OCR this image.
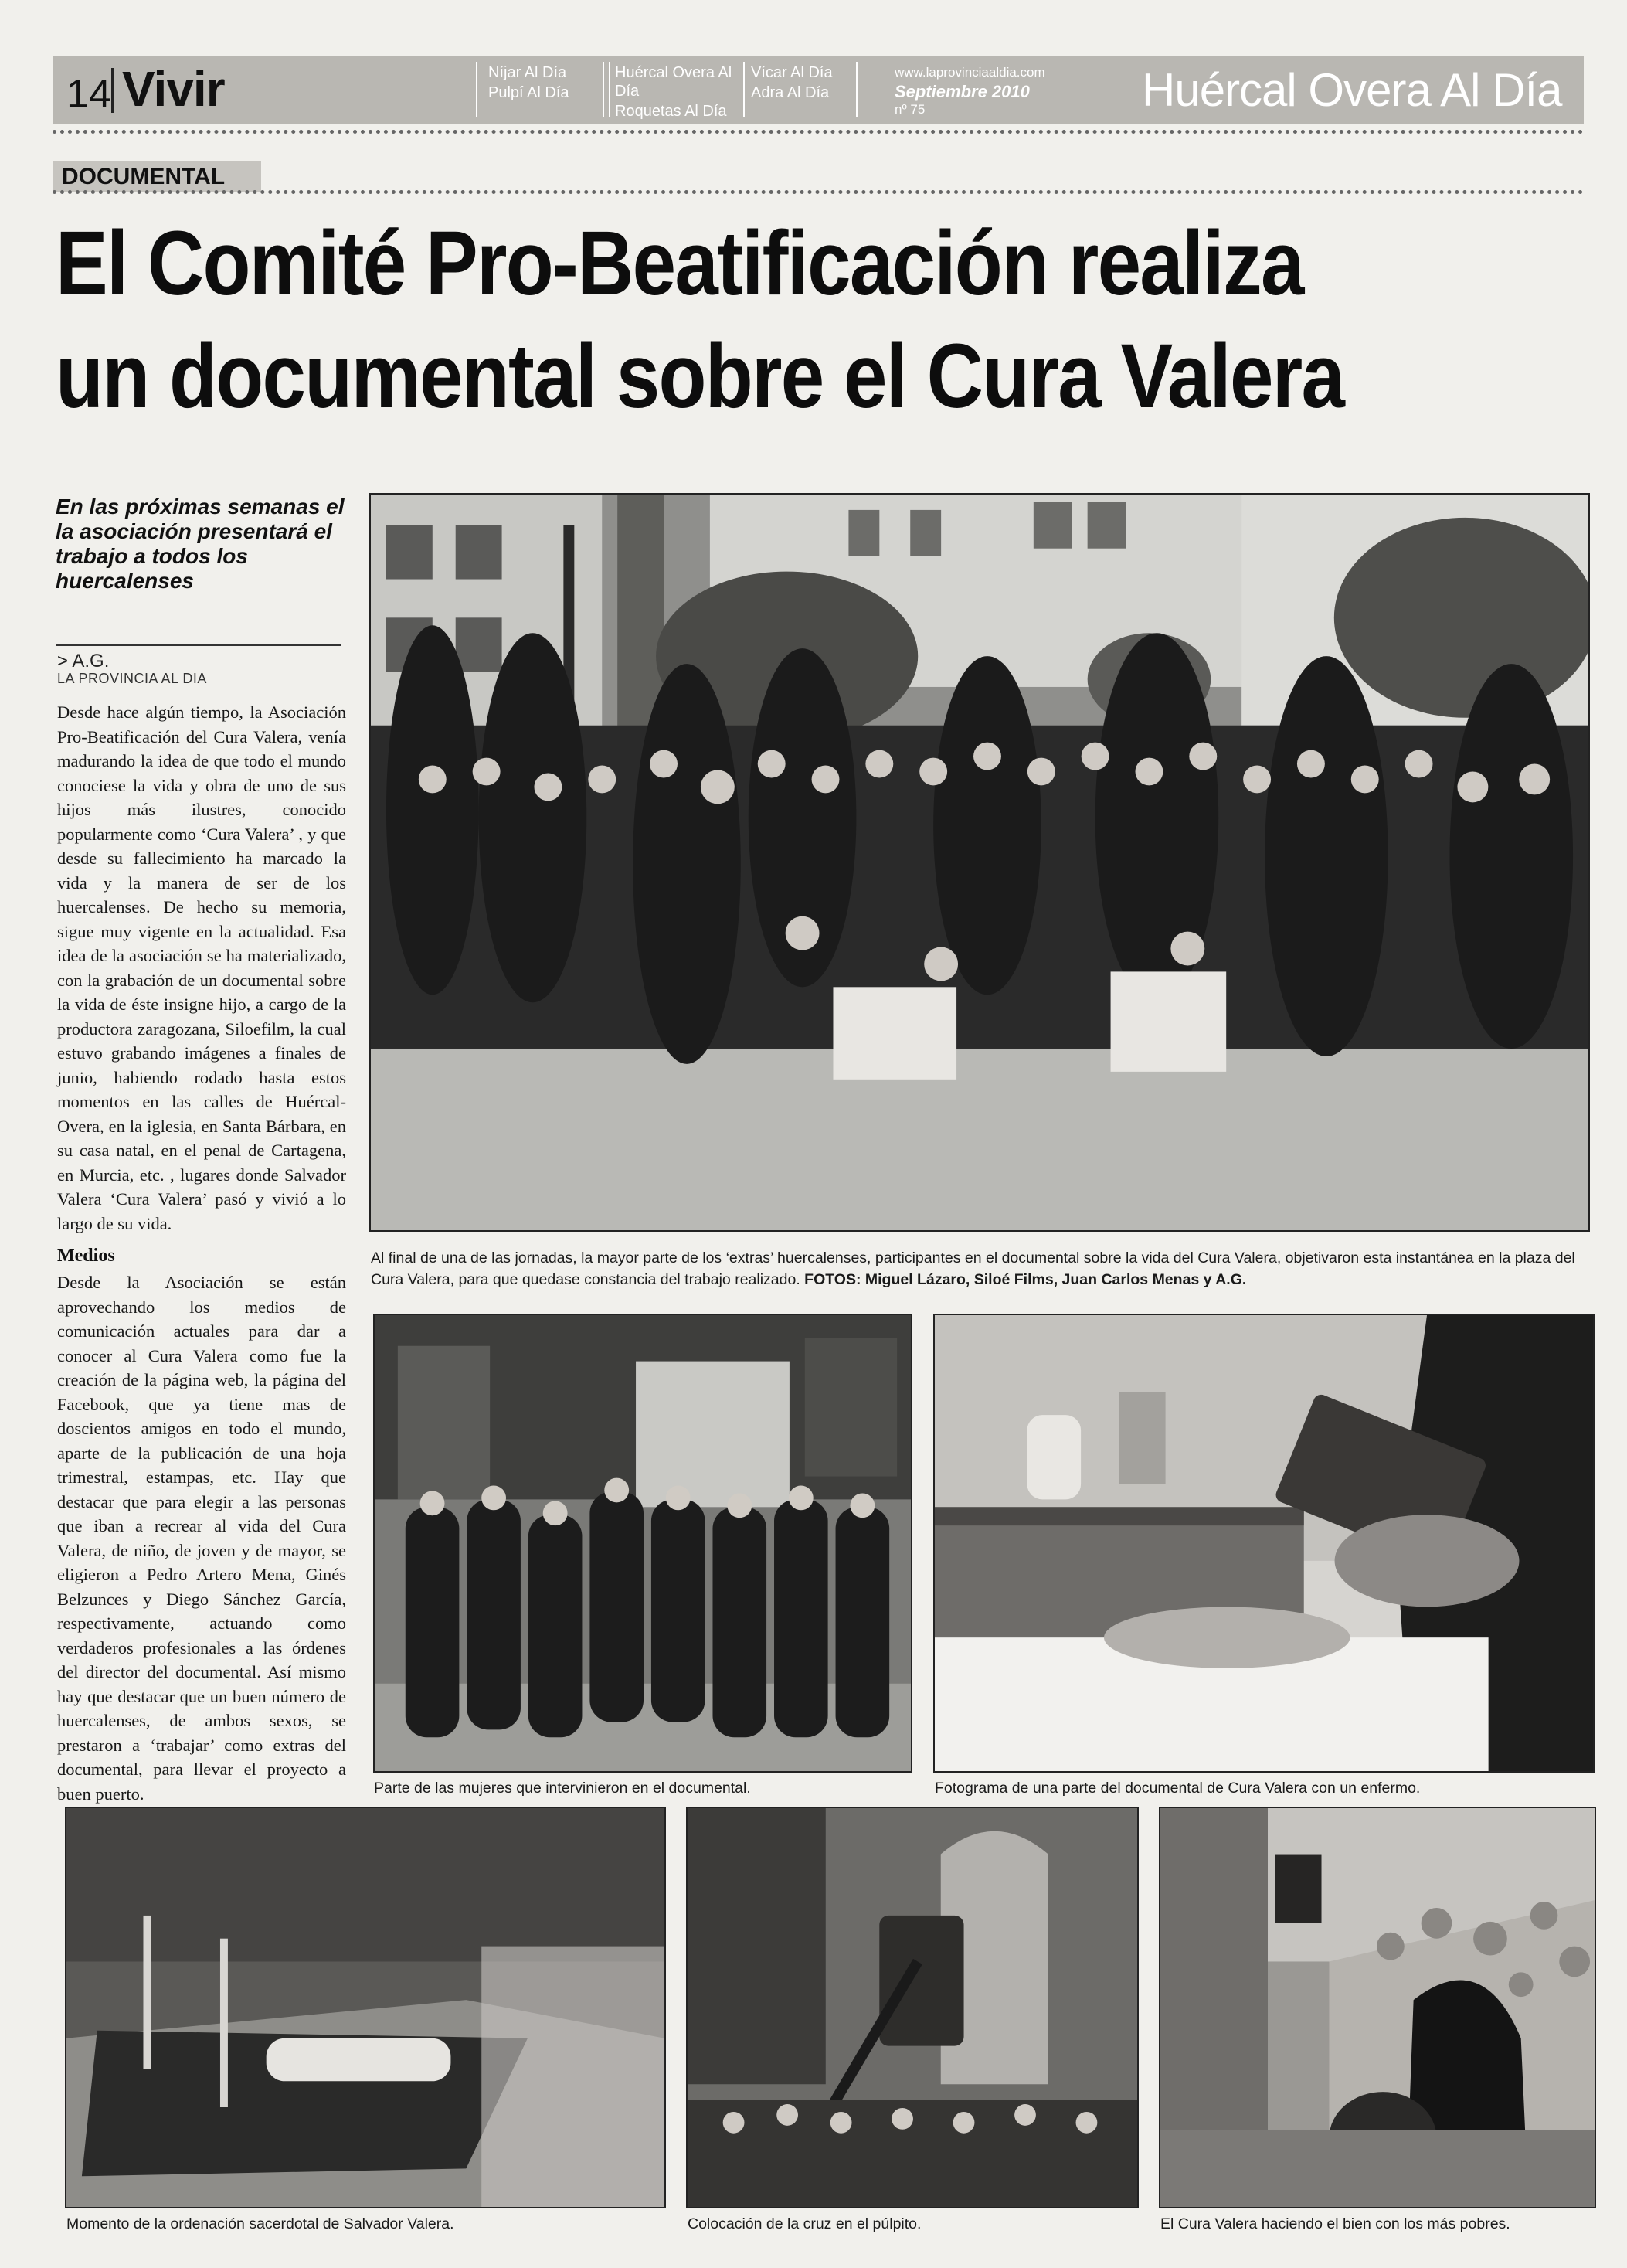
14 Vivir	Níjar Al Día
Pulpí Al Día
Huércal Overa Al Día
Roquetas Al Día
Vícar Al Día
Adra Al Día
www.laprovinciaaldia.com
Septiembre 2010
nº 75	Huércal Overa Al Día
DOCUMENTAL
El Comité Pro-Beatificación realiza
un documental sobre el Cura Valera
En las próximas semanas el la asociación presentará el trabajo a todos los huercalenses
> A.G.
LA PROVINCIA AL DIA
Desde hace algún tiempo, la Asociación Pro-Beatificación del Cura Valera, venía madurando la idea de que todo el mundo conociese la vida y obra de uno de sus hijos más ilustres, conocido popularmente como ‘Cura Valera’ , y que desde su fallecimiento ha marcado la vida y la manera de ser de los huercalenses. De hecho su memoria, sigue muy vigente en la actualidad. Esa idea de la asociación se ha materializado, con la grabación de un documental sobre la vida de éste insigne hijo, a cargo de la productora zaragozana, Siloefilm, la cual estuvo grabando imágenes a finales de junio, habiendo rodado hasta estos momentos en las calles de Huércal-Overa, en la iglesia, en Santa Bárbara, en su casa natal, en el penal de Cartagena, en Murcia, etc. , lugares donde Salvador Valera ‘Cura Valera’ pasó y vivió a lo largo de su vida.
Medios
Desde la Asociación se están aprovechando los medios de comunicación actuales para dar a conocer al Cura Valera como fue la creación de la página web, la página del Facebook, que ya tiene mas de doscientos amigos en todo el mundo, aparte de la publicación de una hoja trimestral, estampas, etc. Hay que destacar que para elegir a las personas que iban a recrear al vida del Cura Valera, de niño, de joven y de mayor, se eligieron a Pedro Artero Mena, Ginés Belzunces y Diego Sánchez García, respectivamente, actuando como verdaderos profesionales a las órdenes del director del documental. Así mismo hay que destacar que un buen número de huercalenses, de ambos sexos, se prestaron a ‘trabajar’ como extras del documental, para llevar el proyecto a buen puerto.
Al final de una de las jornadas, la mayor parte de los ‘extras’ huercalenses, participantes en el documental sobre la vida del Cura Valera, objetivaron esta instantánea en la plaza del Cura Valera, para que quedase constancia del trabajo realizado. FOTOS: Miguel Lázaro, Siloé Films, Juan Carlos Menas y A.G.
Parte de las mujeres que intervinieron en el documental.	Fotograma de una parte del documental de Cura Valera con un enfermo.
Momento de la ordenación sacerdotal de Salvador Valera.	Colocación de la cruz en el púlpito.	El Cura Valera haciendo el bien con los más pobres.
